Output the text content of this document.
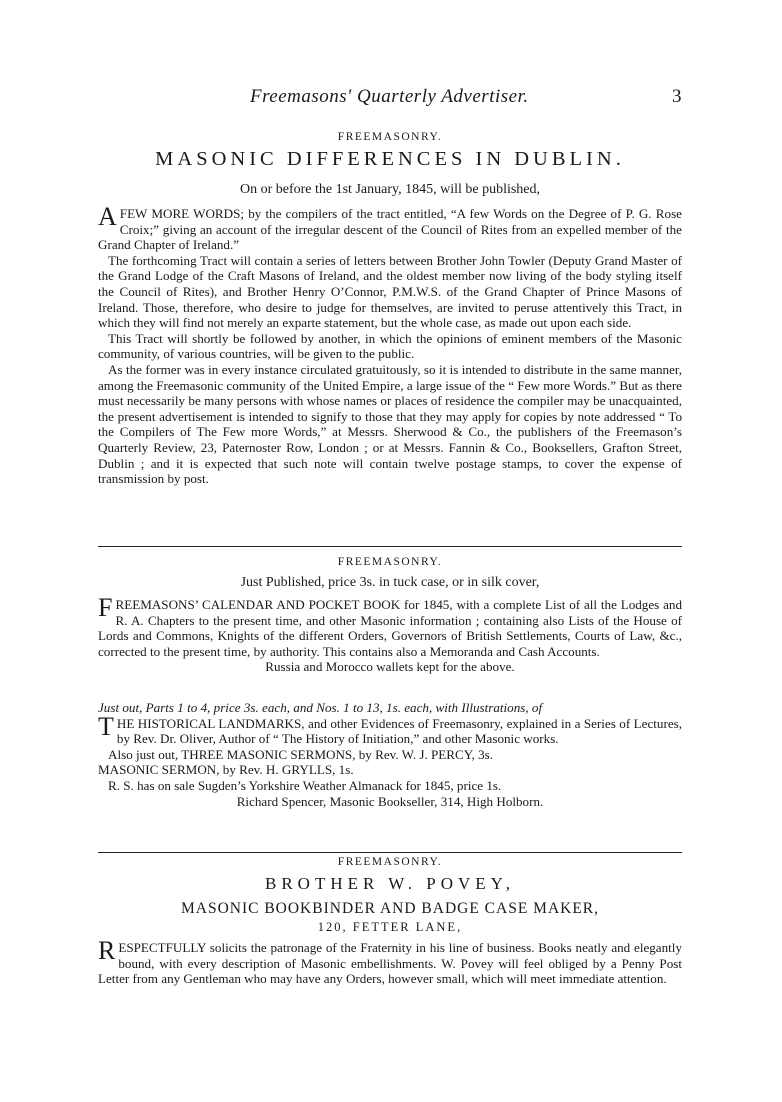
Freemasons' Quarterly Advertiser.	3
FREEMASONRY.
MASONIC DIFFERENCES IN DUBLIN.
On or before the 1st January, 1845, will be published,

AFEW MORE WORDS; by the compilers of the tract entitled, “A few Words on the Degree of P. G. Rose Croix;” giving an account of the irregular descent of the Council of Rites from an expelled member of the Grand Chapter of Ireland.”

The forthcoming Tract will contain a series of letters between Brother John Towler (Deputy Grand Master of the Grand Lodge of the Craft Masons of Ireland, and the oldest member now living of the body styling itself the Council of Rites), and Brother Henry O’Connor, P.M.W.S. of the Grand Chapter of Prince Masons of Ireland. Those, therefore, who desire to judge for themselves, are invited to peruse attentively this Tract, in which they will find not merely an exparte statement, but the whole case, as made out upon each side.

This Tract will shortly be followed by another, in which the opinions of eminent members of the Masonic community, of various countries, will be given to the public.

As the former was in every instance circulated gratuitously, so it is intended to distribute in the same manner, among the Freemasonic community of the United Empire, a large issue of the “ Few more Words.” But as there must necessarily be many persons with whose names or places of residence the compiler may be unacquainted, the present advertisement is intended to signify to those that they may apply for copies by note addressed “ To the Compilers of The Few more Words,” at Messrs. Sherwood & Co., the publishers of the Freemason’s Quarterly Review, 23, Paternoster Row, London ; or at Messrs. Fannin & Co., Booksellers, Grafton Street, Dublin ; and it is expected that such note will contain twelve postage stamps, to cover the expense of transmission by post.

FREEMASONRY.
Just Published, price 3s. in tuck case, or in silk cover,

FREEMASONS’ CALENDAR AND POCKET BOOK for 1845, with a complete List of all the Lodges and R. A. Chapters to the present time, and other Masonic information ; containing also Lists of the House of Lords and Commons, Knights of the different Orders, Governors of British Settlements, Courts of Law, &c., corrected to the present time, by authority. This contains also a Memoranda and Cash Accounts.

Russia and Morocco wallets kept for the above.

Just out, Parts 1 to 4, price 3s. each, and Nos. 1 to 13, 1s. each, with Illustrations, of

THE HISTORICAL LANDMARKS, and other Evidences of Freemasonry, explained in a Series of Lectures, by Rev. Dr. Oliver, Author of “ The History of Initiation,” and other Masonic works.

Also just out, THREE MASONIC SERMONS, by Rev. W. J. PERCY, 3s.

MASONIC SERMON, by Rev. H. GRYLLS, 1s.

R. S. has on sale Sugden’s Yorkshire Weather Almanack for 1845, price 1s.

Richard Spencer, Masonic Bookseller, 314, High Holborn.

FREEMASONRY.
BROTHER W. POVEY,
MASONIC BOOKBINDER AND BADGE CASE MAKER,
120, FETTER LANE,

RESPECTFULLY solicits the patronage of the Fraternity in his line of business. Books neatly and elegantly bound, with every description of Masonic embellishments. W. Povey will feel obliged by a Penny Post Letter from any Gentleman who may have any Orders, however small, which will meet immediate attention.
